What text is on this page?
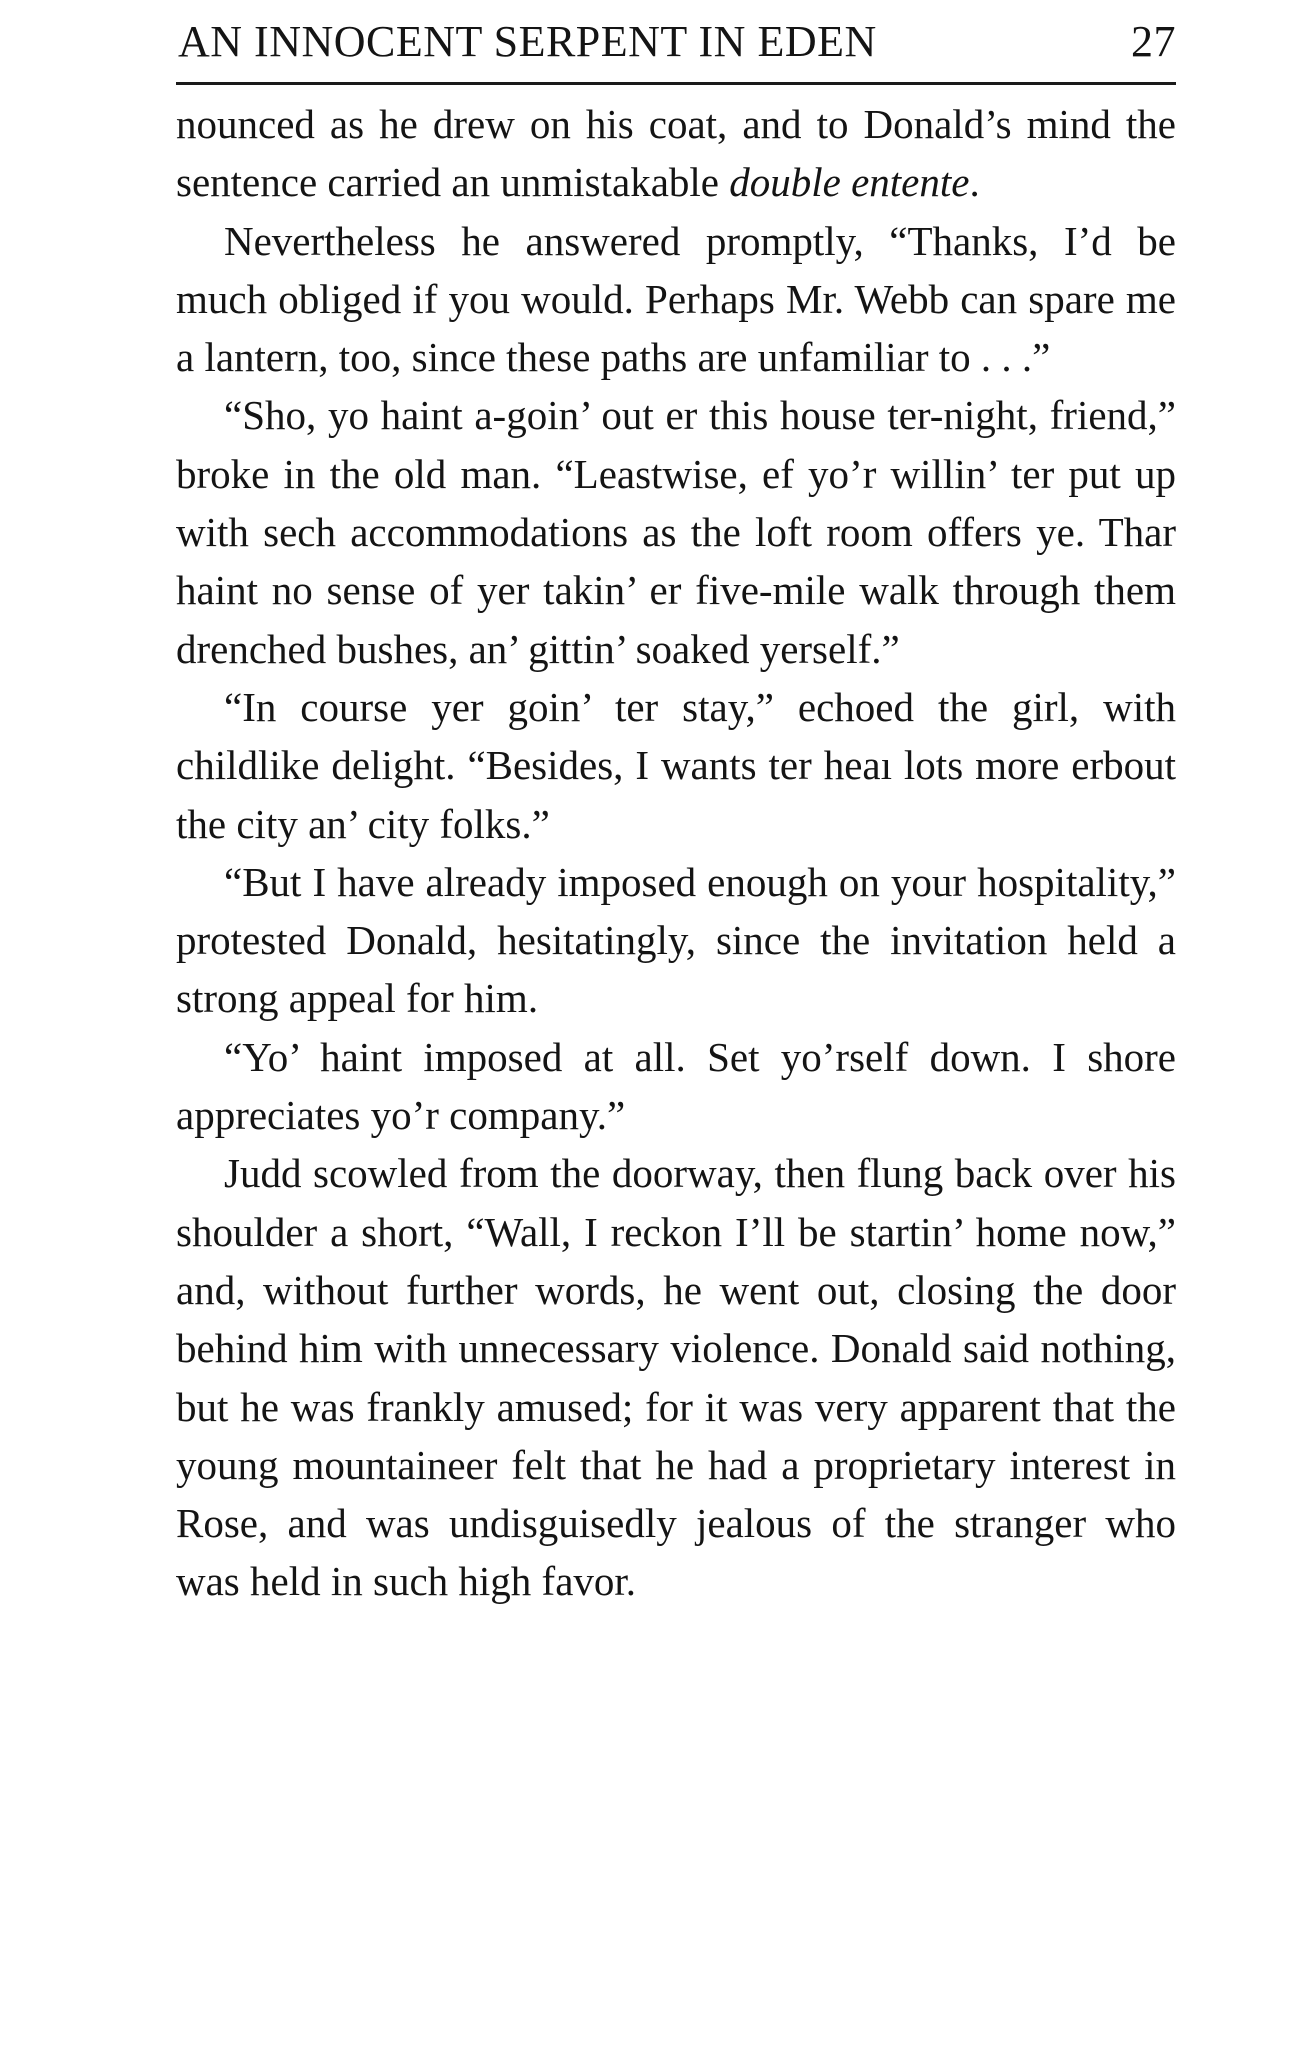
AN INNOCENT SERPENT IN EDEN	27

nounced as he drew on his coat, and to Donald’s mind the sentence carried an unmistakable double entente.

Nevertheless he answered promptly, “Thanks, I’d be much obliged if you would. Perhaps Mr. Webb can spare me a lantern, too, since these paths are unfamiliar to . . .”

“Sho, yo haint a-goin’ out er this house ter-night, friend,” broke in the old man. “Leastwise, ef yo’r willin’ ter put up with sech accommodations as the loft room offers ye. Thar haint no sense of yer takin’ er five-mile walk through them drenched bushes, an’ gittin’ soaked yerself.”

“In course yer goin’ ter stay,” echoed the girl, with childlike delight. “Besides, I wants ter heaı lots more erbout the city an’ city folks.”

“But I have already imposed enough on your hospitality,” protested Donald, hesitatingly, since the invitation held a strong appeal for him.

“Yo’ haint imposed at all. Set yo’rself down. I shore appreciates yo’r company.”

Judd scowled from the doorway, then flung back over his shoulder a short, “Wall, I reckon I’ll be startin’ home now,” and, without further words, he went out, closing the door behind him with unnecessary violence. Donald said nothing, but he was frankly amused; for it was very apparent that the young mountaineer felt that he had a proprietary interest in Rose, and was undisguisedly jealous of the stranger who was held in such high favor.
